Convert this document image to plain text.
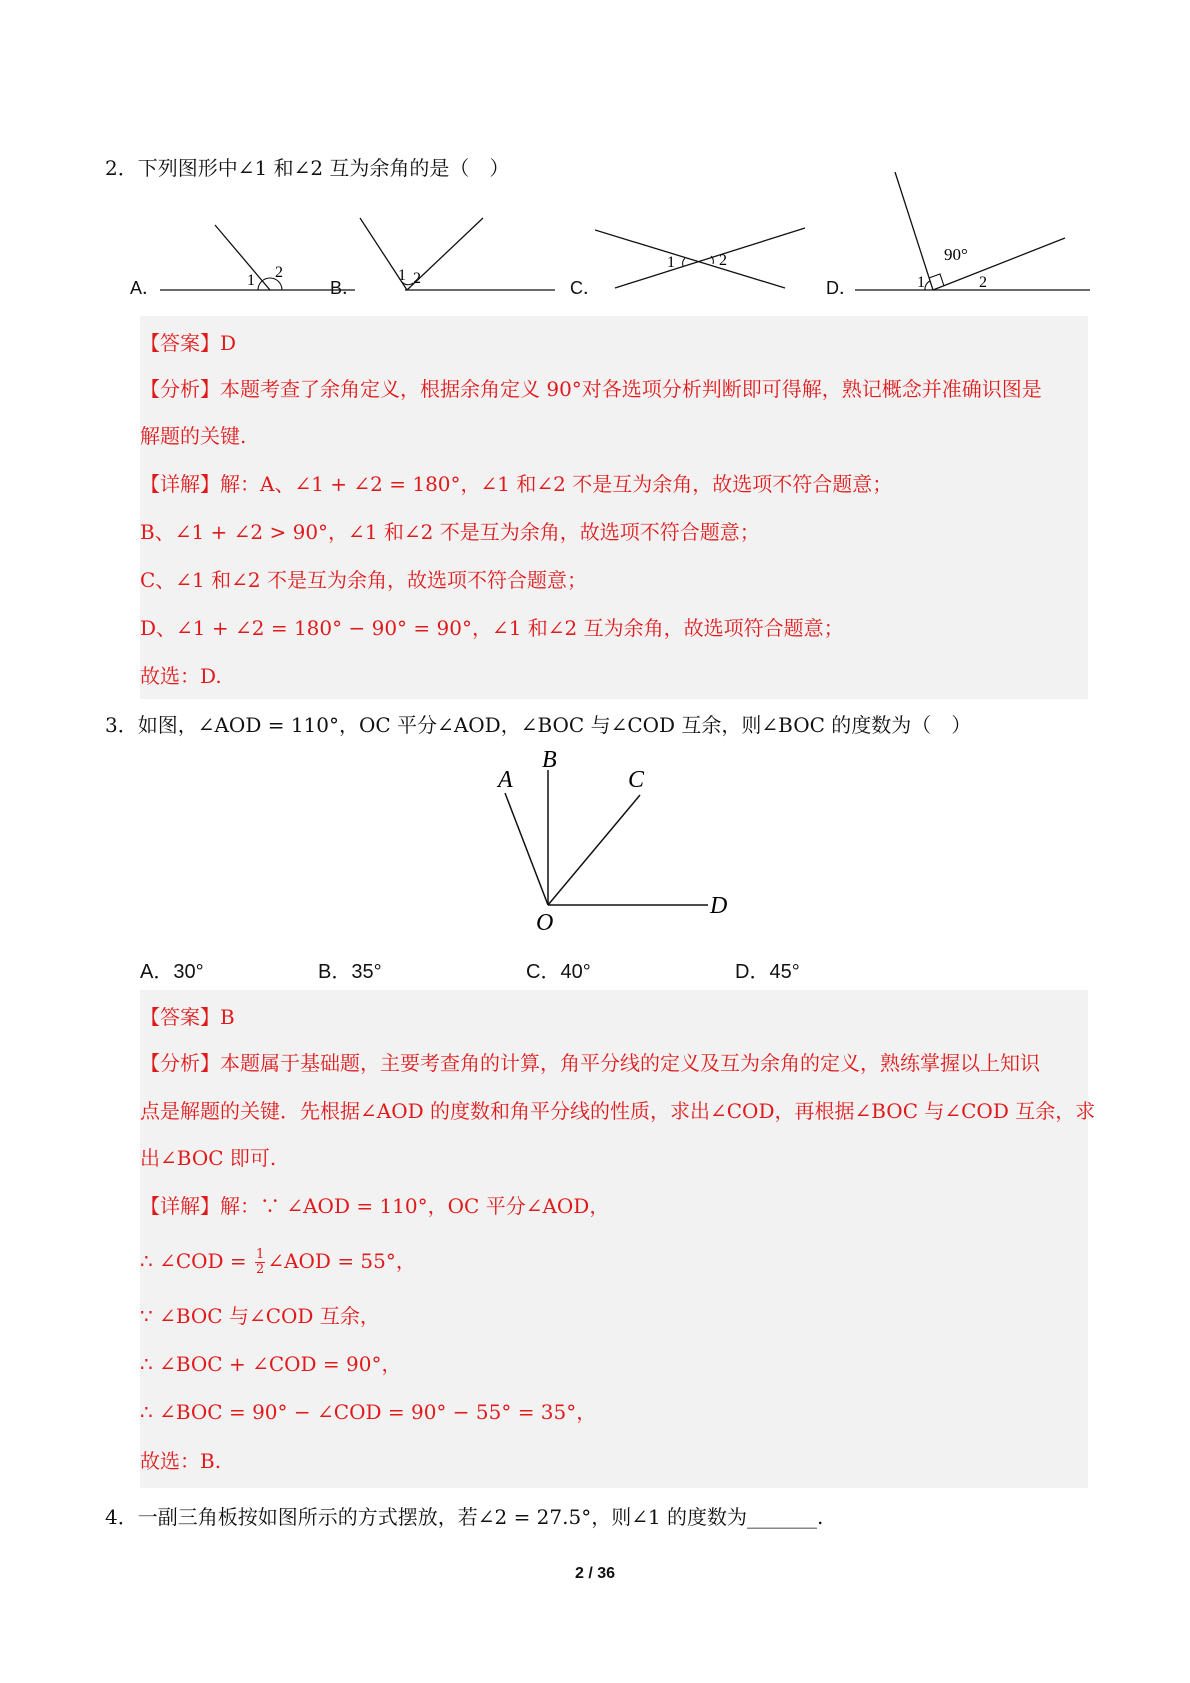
2．下列图形中∠1 和∠2 互为余角的是（　）
A．	1 2
B．
1 2	C．
1	2
D．
90°
1	2
【答案】D
【分析】本题考查了余角定义，根据余角定义 90°对各选项分析判断即可得解，熟记概念并准确识图是
解题的关键.
【详解】解：A、∠1 + ∠2 = 180°，∠1 和∠2 不是互为余角，故选项不符合题意；
B、∠1 + ∠2 > 90°，∠1 和∠2 不是互为余角，故选项不符合题意；
C、∠1 和∠2 不是互为余角，故选项不符合题意；
D、∠1 + ∠2 = 180° − 90° = 90°，∠1 和∠2 互为余角，故选项符合题意；
故选：D.
3．如图，∠AOD = 110°，OC 平分∠AOD，∠BOC 与∠COD 互余，则∠BOC 的度数为（　）
A
B
C
O
D
A．30°	B．35°	C．40°	D．45°
【答案】B
【分析】本题属于基础题，主要考查角的计算，角平分线的定义及互为余角的定义，熟练掌握以上知识
点是解题的关键．先根据∠AOD 的度数和角平分线的性质，求出∠COD，再根据∠BOC 与∠COD 互余，求
出∠BOC 即可.
【详解】解：∵ ∠AOD = 110°，OC 平分∠AOD，
∴ ∠COD = $\frac{1}{2}$ ∠AOD = 55°，
∵ ∠BOC 与∠COD 互余，
∴ ∠BOC + ∠COD = 90°，
∴ ∠BOC = 90° − ∠COD = 90° − 55° = 35°，
故选：B.
4．一副三角板按如图所示的方式摆放，若∠2 = 27.5°，则∠1 的度数为_______.
2 / 36
